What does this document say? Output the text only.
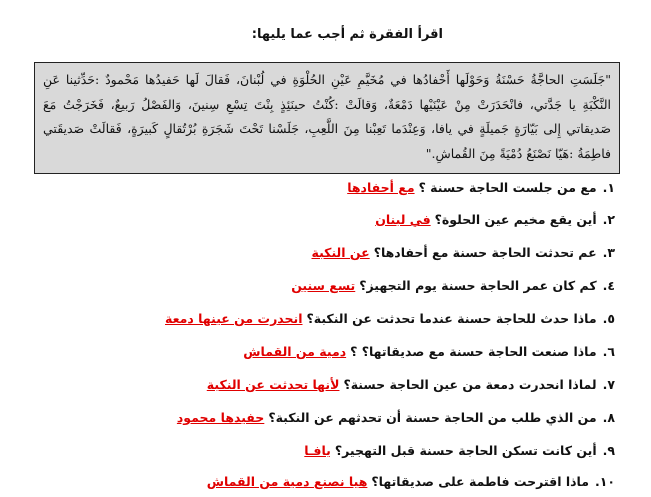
اقرأ الفقرة ثم أجب عما يليها:
"جَلَسَتِ الحاجَّةُ حَسْنَةُ وَحَوْلَها أَحْفادُها في مُخَيَّمِ عَيْنِ الحُلْوَةِ في لُبْنانَ، فَقالَ لَها حَفيدُها مَحْمودٌ :حَدِّثينا عَنِ النَّكْبَةِ يا جَدَّتي، فانْحَدَرَتْ مِنْ عَيْنَيْها دَمْعَةٌ، وَقالَتْ :كُنْتُ حينَئِذٍ بِنْتَ تِسْعِ سِنينَ، وَالفَصْلُ رَبيعٌ، فَخَرَجْتُ مَعَ صَديقاتي إِلى بَيّارَةٍ جَميلَةٍ في يافا، وَعِنْدَما تَعِبْنا مِنَ اللَّعِبِ، جَلَسْنا تَحْتَ شَجَرَةِ بُرْتُقالٍ كَبيرَةٍ، فَقالَتْ صَديقَتي فاطِمَةُ :هَيّا نَصْنَعُ دُمْيَةً مِنَ القُماشِ."
١.مع من جلست الحاجة حسنة ؟مع أحفادها
٢.أين يقع مخيم عين الحلوة؟في لبنان
٣.عم تحدثت الحاجة حسنة مع أحفادها؟عن النكبة
٤.كم كان عمر الحاجة حسنة يوم التجهيز؟تسع سنين
٥.ماذا حدث للحاجة حسنة عندما تحدثت عن النكبة؟انحدرت من عينها دمعة
٦.ماذا صنعت الحاجة حسنة مع صديقاتها؟ ؟دمية من القماش
٧.لماذا انحدرت دمعة من عين الحاجة حسنة؟لأنها تحدثت عن النكبة
٨.من الذي طلب من الحاجة حسنة أن تحدثهم عن النكبة؟حفيدها محمود
٩.أين كانت تسكن الحاجة حسنة قبل التهجير؟يافـا
١٠.ماذا اقترحت فاطمة على صديقاتها؟هيا نصنع دمية من القماش
